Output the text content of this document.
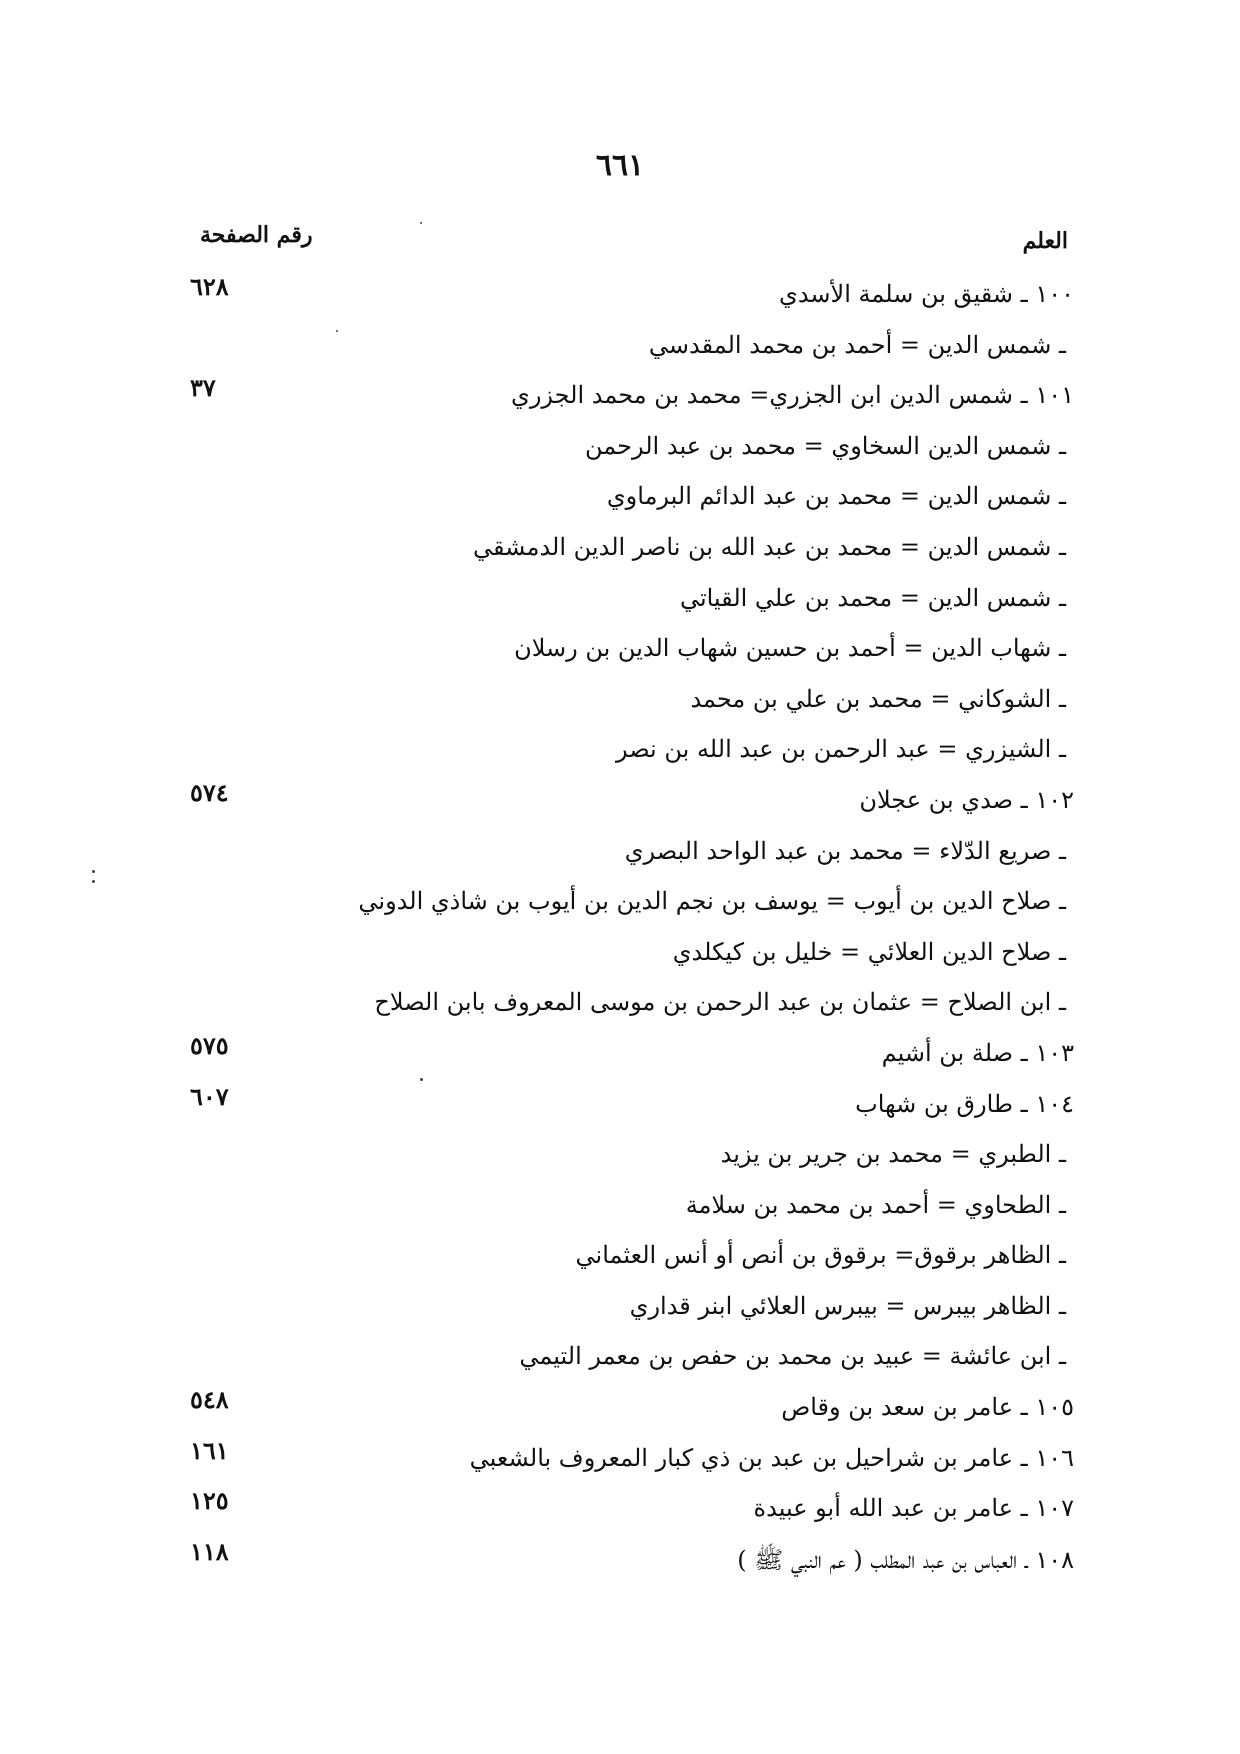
٦٦١
العلم
رقم الصفحة
١٠٠ ـ شقيق بن سلمة الأسدي
٦٢٨
ـ شمس الدين = أحمد بن محمد المقدسي
١٠١ ـ شمس الدين ابن الجزري= محمد بن محمد الجزري
٣٧
ـ شمس الدين السخاوي = محمد بن عبد الرحمن
ـ شمس الدين = محمد بن عبد الدائم البرماوي
ـ شمس الدين = محمد بن عبد الله بن ناصر الدين الدمشقي
ـ شمس الدين = محمد بن علي القياتي
ـ شهاب الدين = أحمد بن حسين شهاب الدين بن رسلان
ـ الشوكاني = محمد بن علي بن محمد
ـ الشيزري = عبد الرحمن بن عبد الله بن نصر
١٠٢ ـ صدي بن عجلان
٥٧٤
ـ صريع الدّلاء = محمد بن عبد الواحد البصري
ـ صلاح الدين بن أيوب = يوسف بن نجم الدين بن أيوب بن شاذي الدوني
ـ صلاح الدين العلائي = خليل بن كيكلدي
ـ ابن الصلاح = عثمان بن عبد الرحمن بن موسى المعروف بابن الصلاح
١٠٣ ـ صلة بن أشيم
٥٧٥
١٠٤ ـ طارق بن شهاب
٦٠٧
ـ الطبري = محمد بن جرير بن يزيد
ـ الطحاوي = أحمد بن محمد بن سلامة
ـ الظاهر برقوق= برقوق بن أنص أو أنس العثماني
ـ الظاهر بيبرس = بيبرس العلائي ابنر قداري
ـ ابن عائشة = عبيد بن محمد بن حفص بن معمر التيمي
١٠٥ ـ عامر بن سعد بن وقاص
٥٤٨
١٠٦ ـ عامر بن شراحيل بن عبد بن ذي كبار المعروف بالشعبي
١٦١
١٠٧ ـ عامر بن عبد الله أبو عبيدة
١٢٥
١٠٨ ـ العباس بن عبد المطلب ( عم النبي ﷺ )
١١٨
